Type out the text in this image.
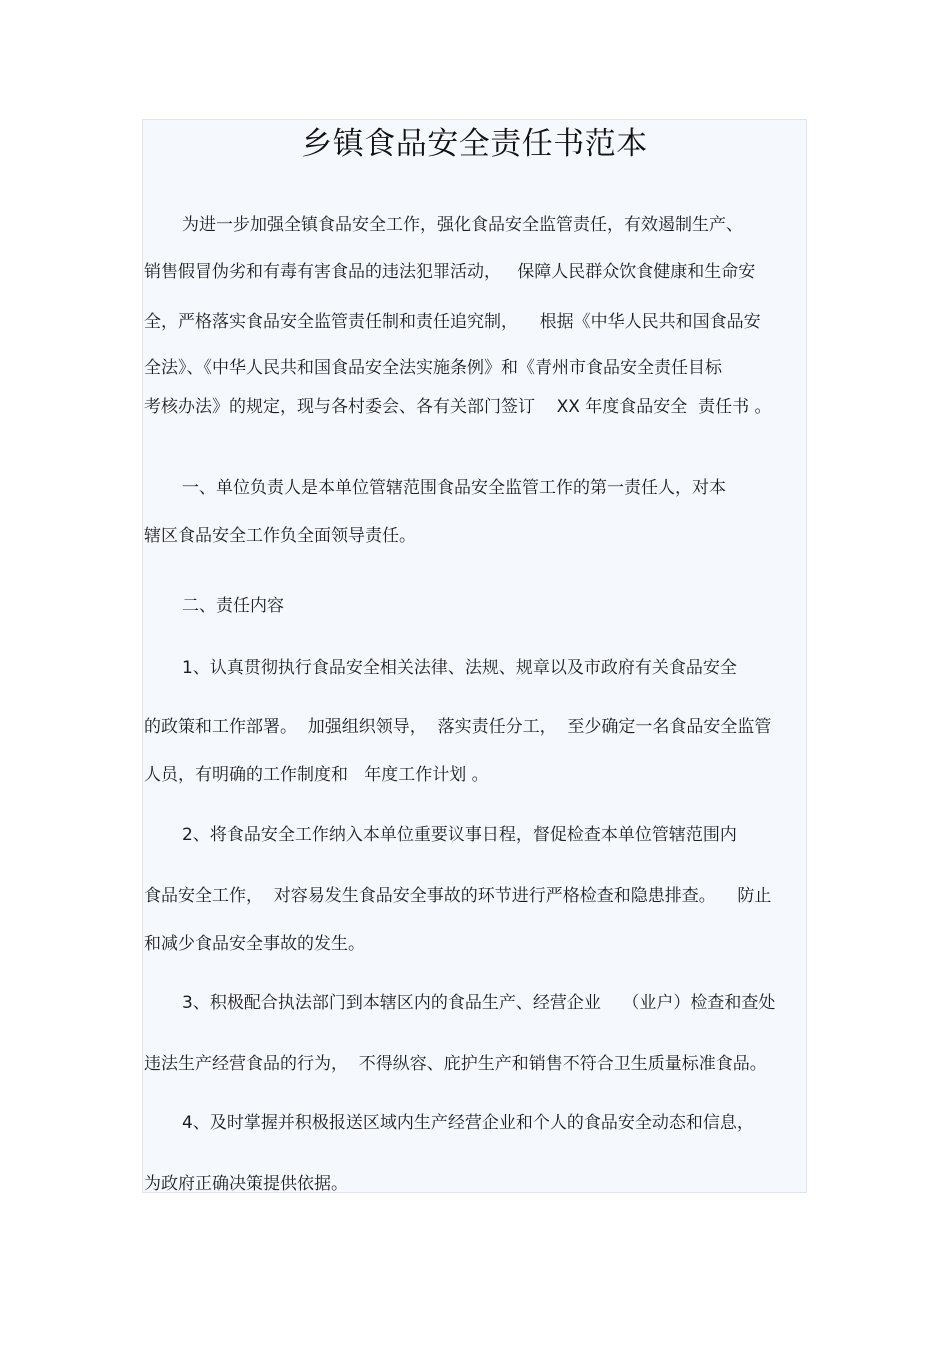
乡镇食品安全责任书范本
为进一步加强全镇食品安全工作，强化食品安全监管责任，有效遏制生产、
销售假冒伪劣和有毒有害食品的违法犯罪活动，   保障人民群众饮食健康和生命安
全，严格落实食品安全监管责任制和责任追究制，    根据《中华人民共和国食品安
全法》、《中华人民共和国食品安全法实施条例》和《青州市食品安全责任目标
考核办法》的规定，现与各村委会、各有关部门签订    XX 年度食品安全  责任书 。
一、单位负责人是本单位管辖范围食品安全监管工作的第一责任人，对本
辖区食品安全工作负全面领导责任。
二、责任内容
1、认真贯彻执行食品安全相关法律、法规、规章以及市政府有关食品安全
的政策和工作部署。  加强组织领导，  落实责任分工，  至少确定一名食品安全监管
人员，有明确的工作制度和   年度工作计划 。
2、将食品安全工作纳入本单位重要议事日程，督促检查本单位管辖范围内
食品安全工作，  对容易发生食品安全事故的环节进行严格检查和隐患排查。    防止
和减少食品安全事故的发生。
3、积极配合执法部门到本辖区内的食品生产、经营企业    （业户）检查和查处
违法生产经营食品的行为，  不得纵容、庇护生产和销售不符合卫生质量标准食品。
4、及时掌握并积极报送区域内生产经营企业和个人的食品安全动态和信息，
为政府正确决策提供依据。
